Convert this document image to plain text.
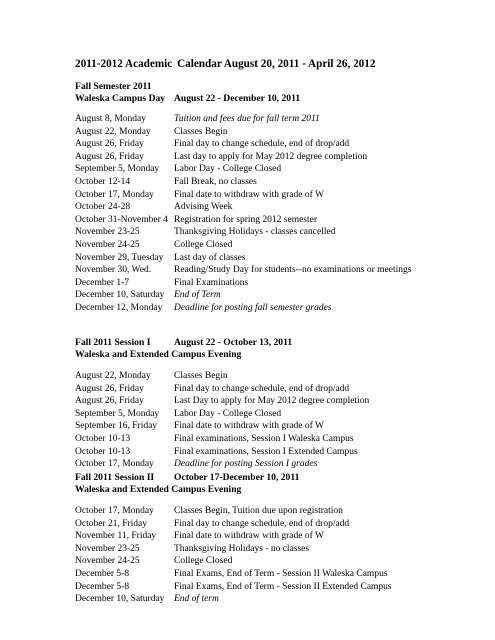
2011-2012 Academic Calendar August 20, 2011 - April 26, 2012
Fall Semester 2011
Waleska Campus Day August 22 - December 10, 2011
August 8, Monday	Tuition and fees due for fall term 2011
August 22, Monday Classes Begin
August 26, Friday	Final day to change schedule, end of drop/add
August 26, Friday	Last day to apply for May 2012 degree completion
September 5, Monday Labor Day - College Closed
October 12-14	Fall Break, no classes
October 17, Monday Final date to withdraw with grade of W
October 24-28	Advising Week
October 31-November 4 Registration for spring 2012 semester
November 23-25	Thanksgiving Holidays - classes cancelled
November 24-25	College Closed
November 29, Tuesday Last day of classes
November 30, Wed. Reading/Study Day for students--no examinations or meetings
December 1-7	Final Examinations
December 10, Saturday End of Term
December 12, Monday Deadline for posting fall semester grades
Fall 2011 Session I August 22 - October 13, 2011
Waleska and Extended Campus Evening
August 22, Monday Classes Begin
August 26, Friday	Final day to change schedule, end of drop/add
August 26, Friday	Last Day to apply for May 2012 degree completion
September 5, Monday Labor Day - College Closed
September 16, Friday Final date to withdraw with grade of W
October 10-13	Final examinations, Session I Waleska Campus
October 10-13	Final examinations, Session I Extended Campus
October 17, Monday Deadline for posting Session I grades
Fall 2011 Session II October 17-December 10, 2011
Waleska and Extended Campus Evening
October 17, Monday Classes Begin, Tuition due upon registration
October 21, Friday	Final day to change schedule, end of drop/add
November 11, Friday Final date to withdraw with grade of W
November 23-25	Thanksgiving Holidays - no classes
November 24-25	College Closed
December 5-8	Final Exams, End of Term - Session II Waleska Campus
December 5-8	Final Exams, End of Term - Session II Extended Campus
December 10, Saturday End of term
